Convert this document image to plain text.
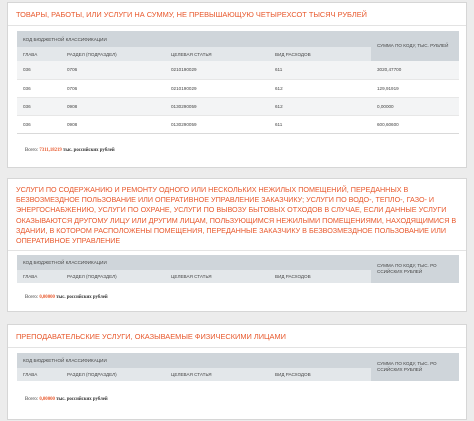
ТОВАРЫ, РАБОТЫ, ИЛИ УСЛУГИ НА СУММУ, НЕ ПРЕВЫШАЮЩУЮ ЧЕТЫРЕХСОТ ТЫСЯЧ РУБЛЕЙ
КОД БЮДЖЕТНОЙ КЛАССИФИКАЦИИ				СУММА ПО КОДУ, ТЫС. РУБЛЕЙ
ГЛАВА	РАЗДЕЛ (ПОДРАЗДЕЛ)	ЦЕЛЕВАЯ СТАТЬЯ	ВИД РАСХОДОВ	
036	0706	0210190029	611	3020,47700
036	0706	0210190029	612	129,91919
036	0908	0130290059	612	0,00000
036	0908	0130290059	611	600,60600
Всего: 7311,18219 тыс. российских рублей
УСЛУГИ ПО СОДЕРЖАНИЮ И РЕМОНТУ ОДНОГО ИЛИ НЕСКОЛЬКИХ НЕЖИЛЫХ ПОМЕЩЕНИЙ, ПЕРЕДАННЫХ В БЕЗВОЗМЕЗДНОЕ ПОЛЬЗОВАНИЕ ИЛИ ОПЕРАТИВНОЕ УПРАВЛЕНИЕ ЗАКАЗЧИКУ; УСЛУГИ ПО ВОДО-, ТЕПЛО-, ГАЗО- И ЭНЕРГОСНАБЖЕНИЮ, УСЛУГИ ПО ОХРАНЕ, УСЛУГИ ПО ВЫВОЗУ БЫТОВЫХ ОТХОДОВ В СЛУЧАЕ, ЕСЛИ ДАННЫЕ УСЛУГИ ОКАЗЫВАЮТСЯ ДРУГОМУ ЛИЦУ ИЛИ ДРУГИМ ЛИЦАМ, ПОЛЬЗУЮЩИМСЯ НЕЖИЛЫМИ ПОМЕЩЕНИЯМИ, НАХОДЯЩИМИСЯ В ЗДАНИИ, В КОТОРОМ РАСПОЛОЖЕНЫ ПОМЕЩЕНИЯ, ПЕРЕДАННЫЕ ЗАКАЗЧИКУ В БЕЗВОЗМЕЗДНОЕ ПОЛЬЗОВАНИЕ ИЛИ ОПЕРАТИВНОЕ УПРАВЛЕНИЕ
КОД БЮДЖЕТНОЙ КЛАССИФИКАЦИИ				СУММА ПО КОДУ, ТЫС. РО ССИЙСКИХ РУБЛЕЙ
ГЛАВА	РАЗДЕЛ (ПОДРАЗДЕЛ)	ЦЕЛЕВАЯ СТАТЬЯ	ВИД РАСХОДОВ	
Всего: 0,00000 тыс. российских рублей
ПРЕПОДАВАТЕЛЬСКИЕ УСЛУГИ, ОКАЗЫВАЕМЫЕ ФИЗИЧЕСКИМИ ЛИЦАМИ
КОД БЮДЖЕТНОЙ КЛАССИФИКАЦИИ				СУММА ПО КОДУ, ТЫС. РО ССИЙСКИХ РУБЛЕЙ
ГЛАВА	РАЗДЕЛ (ПОДРАЗДЕЛ)	ЦЕЛЕВАЯ СТАТЬЯ	ВИД РАСХОДОВ	
Всего: 0,00000 тыс. российских рублей
